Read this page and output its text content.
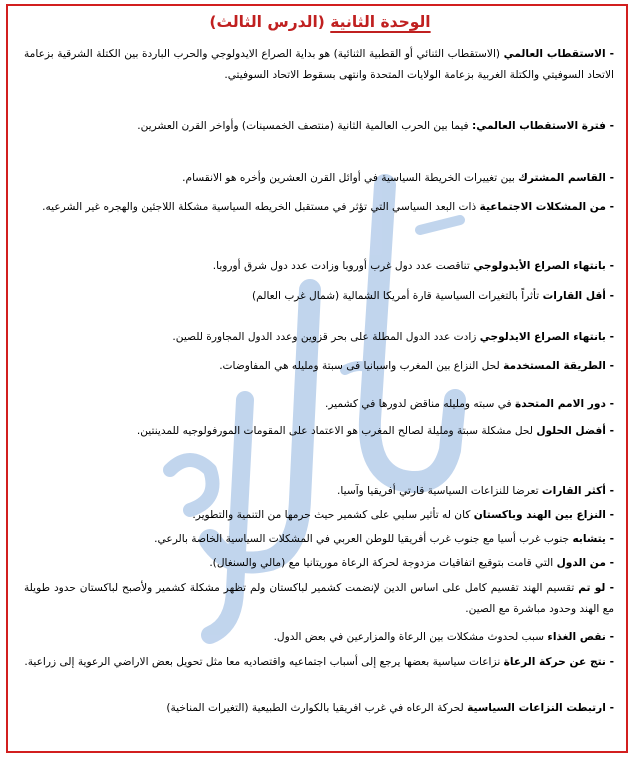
الوحدة الثانية (الدرس الثالث)
- الاستقطاب العالمي (الاستقطاب الثنائي أو القطبية الثنائية) هو بداية الصراع الايدولوجي والحرب الباردة بين الكتلة الشرقية بزعامة الاتحاد السوفيتي والكتلة الغربية بزعامة الولايات المتحدة وانتهى بسقوط الاتحاد السوفيتي.
- فترة الاستقطاب العالمي: فيما بين الحرب العالمية الثانية (منتصف الخمسينات) وأواخر القرن العشرين.
- القاسم المشترك بين تغييرات الخريطة السياسية في أوائل القرن العشرين وأخره هو الانقسام.
- من المشكلات الاجتماعية ذات البعد السياسي التي تؤثر في مستقبل الخريطه السياسية مشكلة اللاجئين والهجره غير الشرعيه.
- بانتهاء الصراع الأيدولوجي تناقصت عدد دول غرب أوروبا وزادت عدد دول شرق أوروبا.
- أقل القارات تأثراً بالتغيرات السياسية قارة أمريكا الشمالية (شمال غرب العالم)
- بانتهاء الصراع الايدلوجي زادت عدد الدول المطلة على بحر قزوين وعدد الدول المجاورة للصين.
- الطريقة المستخدمة لحل النزاع بين المغرب واسبانيا فى سبتة ومليله هي المفاوضات.
- دور الامم المتحدة في سبته ومليله مناقض لدورها في كشمير.
- أفضل الحلول لحل مشكلة سبتة ومليلة لصالح المغرب هو الاعتماد على المقومات المورفولوجيه للمدينتين.
- أكثر القارات تعرضا للنزاعات السياسية قارتي أفريقيا وآسيا.
- النزاع بين الهند وباكستان كان له تأثير سلبي على كشمير حيث حرمها من التنمية والتطوير.
- يتشابه جنوب غرب أسيا مع جنوب غرب أفريقيا للوطن العربي في المشكلات السياسية الخاصة بالرعي.
- من الدول التي قامت بتوقيع اتفاقيات مزدوجة لحركة الرعاة موريتانيا مع (مالي والسنغال).
- لو تم تقسيم الهند تقسيم كامل على اساس الدين لإنضمت كشمير لباكستان ولم تظهر مشكلة كشمير ولأصبح لباكستان حدود طويلة مع الهند وحدود مباشرة مع الصين.
- نقص الغذاء سبب لحدوث مشكلات بين الرعاة والمزارعين في بعض الدول.
- نتج عن حركة الرعاة نزاعات سياسية بعضها يرجع إلى أسباب اجتماعيه واقتصاديه معا مثل تحويل بعض الاراضي الرعوية إلى زراعية.
- ارتبطت النزاعات السياسية لحركة الرعاه في غرب افريقيا بالكوارث الطبيعية (التغيرات المناخية)
